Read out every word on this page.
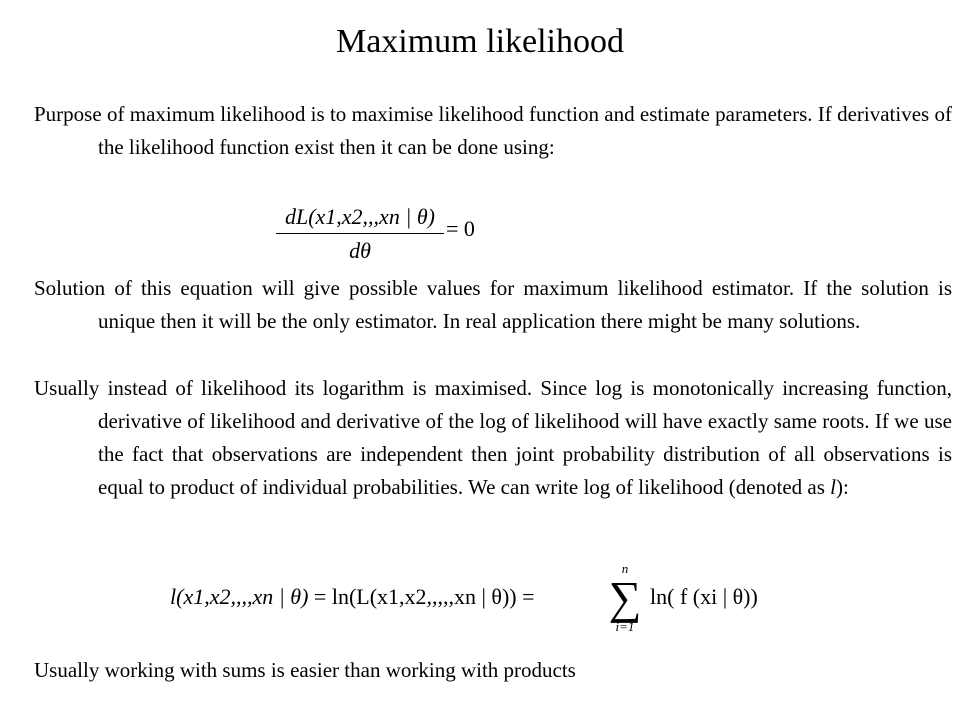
Maximum likelihood
Purpose of maximum likelihood is to maximise likelihood function and estimate parameters. If derivatives of the likelihood function exist then it can be done using:
dL(x1,x2,,,xn | θ)
dθ
= 0
Solution of this equation will give possible values for maximum likelihood estimator. If the solution is unique then it will be the only estimator. In real application there might be many solutions.
Usually instead of likelihood its logarithm is maximised. Since log is monotonically increasing function, derivative of likelihood and derivative of the log of likelihood will have exactly same roots. If we use the fact that observations are independent then joint probability distribution of all observations is equal to product of individual probabilities. We can write log of likelihood (denoted as l):
l(x1,x2,,,,xn | θ) = ln(L(x1,x2,,,,,xn | θ)) =
n
∑
i=1
ln( f (xi | θ))
Usually working with sums is easier than working with products
